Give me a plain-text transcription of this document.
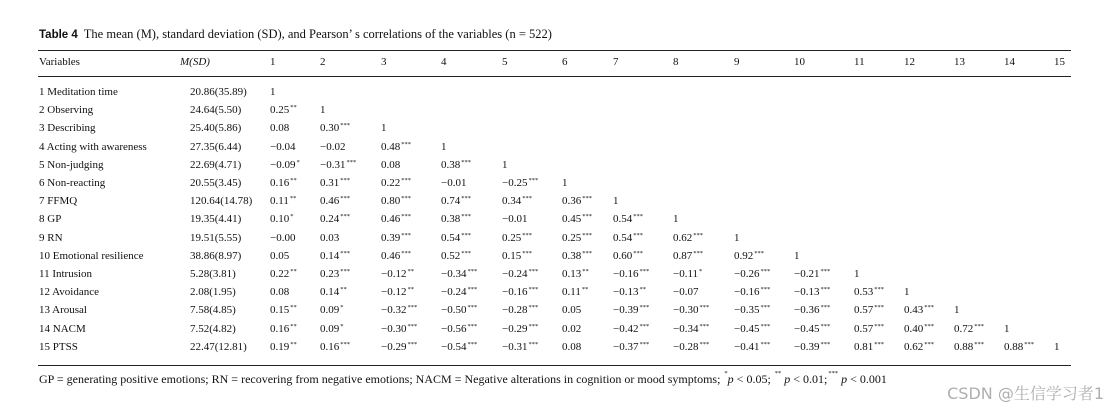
Table 4 The mean (M), standard deviation (SD), and Pearson’ s correlations of the variables (n = 522)
Variables	M(SD)	1	2	3	4	5	6	7	8	9	10	11	12	13	14	15
1 Meditation time	20.86(35.89) 1
2 Observing	24.64(5.50)	0.25** 1
3 Describing	25.40(5.86)	0.08	0.30***	1
4 Acting with awareness	27.35(6.44)	−0.04 −0.02	0.48***	1
5 Non-judging	22.69(4.71)	−0.09* −0.31*** 0.08	0.38***	1
6 Non-reacting	20.55(3.45)	0.16** 0.31***	0.22***	−0.01	−0.25*** 1
7 FFMQ	120.64(14.78) 0.11** 0.46***	0.80***	0.74***	0.34***	0.36*** 1
8 GP	19.35(4.41)	0.10* 0.24***	0.46***	0.38***	−0.01	0.45*** 0.54***	1
9 RN	19.51(5.55)	−0.00 0.03	0.39***	0.54***	0.25***	0.25*** 0.54***	0.62***	1
10 Emotional resilience	38.86(8.97)	0.05	0.14***	0.46***	0.52***	0.15***	0.38*** 0.60***	0.87***	0.92***	1
11 Intrusion	5.28(3.81)	0.22** 0.23***	−0.12** −0.34*** −0.24*** 0.13** −0.16*** −0.11*	−0.26*** −0.21*** 1
12 Avoidance	2.08(1.95)	0.08	0.14**	−0.12** −0.24*** −0.16*** 0.11** −0.13** −0.07	−0.16*** −0.13*** 0.53*** 1
13 Arousal	7.58(4.85)	0.15** 0.09*	−0.32*** −0.50*** −0.28*** 0.05	−0.39*** −0.30*** −0.35*** −0.36*** 0.57*** 0.43*** 1
14 NACM	7.52(4.82)	0.16** 0.09*	−0.30*** −0.56*** −0.29*** 0.02	−0.42*** −0.34*** −0.45*** −0.45*** 0.57*** 0.40*** 0.72*** 1
15 PTSS	22.47(12.81) 0.19** 0.16***	−0.29*** −0.54*** −0.31*** 0.08	−0.37*** −0.28*** −0.41*** −0.39*** 0.81*** 0.62*** 0.88*** 0.88*** 1
GP = generating positive emotions; RN = recovering from negative emotions; NACM = Negative alterations in cognition or mood symptoms; *p < 0.05; ** p < 0.01;*** p < 0.001
CSDN @生信学习者1
